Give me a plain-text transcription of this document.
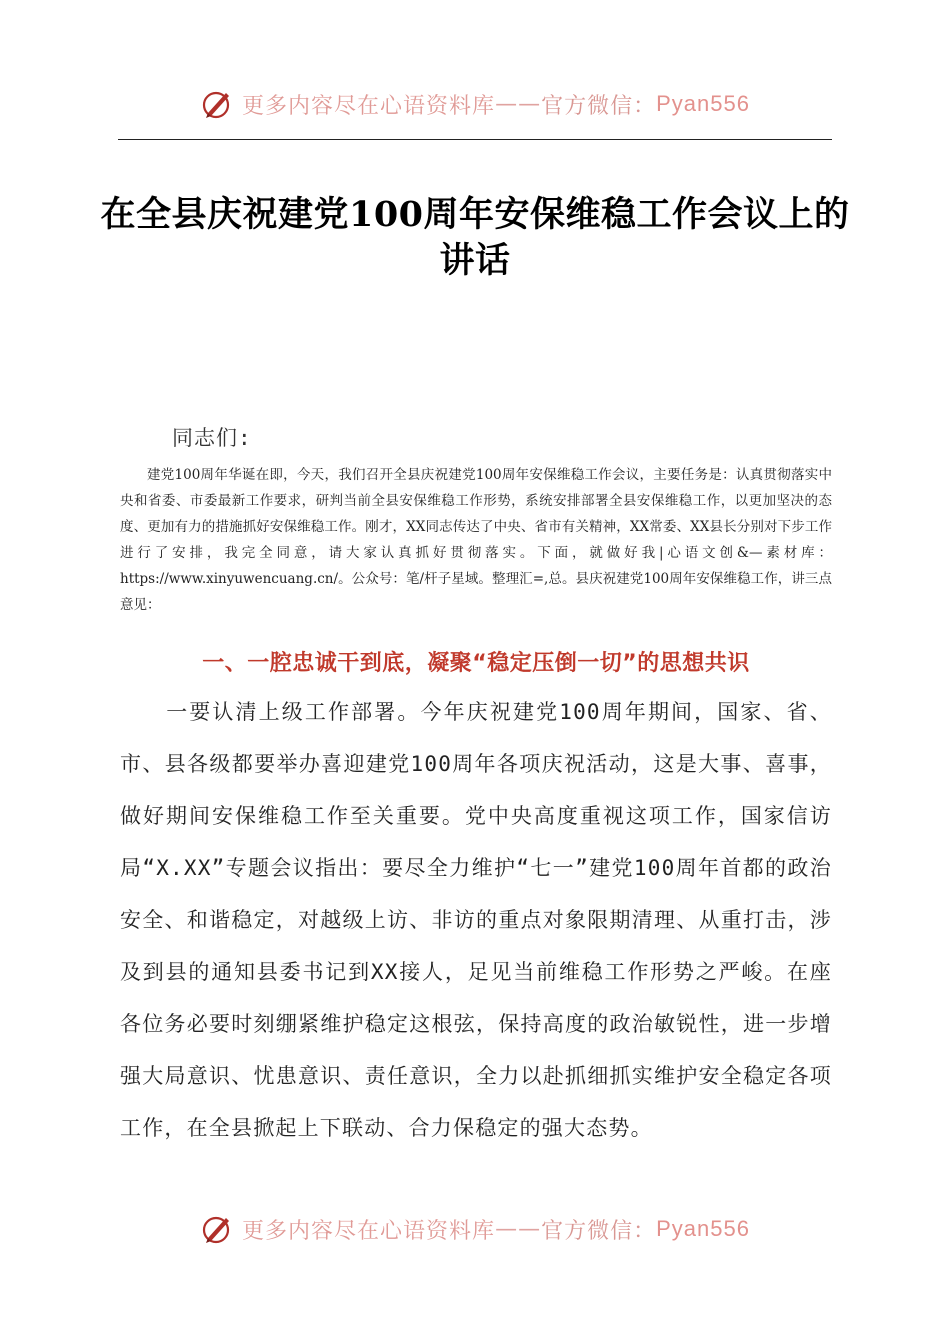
更多内容尽在心语资料库 —— 官方微信： Pyan556
在全县庆祝建党100周年安保维稳工作会议上的讲话
同志们:

建党100周年华诞在即，今天，我们召开全县庆祝建党100周年安保维稳工作会议，主要任务是：认真贯彻落实中央和省委、市委最新工作要求，研判当前全县安保维稳工作形势，系统安排部署全县安保维稳工作，以更加坚决的态度、更加有力的措施抓好安保维稳工作。刚才，XX同志传达了中央、省市有关精神，XX常委、XX县长分别对下步工作进行了安排，我完全同意，请大家认真抓好贯彻落实。下面，就做好我|心语文创&—素材库：https://www.xinyuwencuang.cn/。公众号：笔/杆子星域。整理汇=,总。县庆祝建党100周年安保维稳工作，讲三点意见：

一、一腔忠诚干到底，凝聚“稳定压倒一切”的思想共识

一要认清上级工作部署。今年庆祝建党100周年期间，国家、省、市、县各级都要举办喜迎建党100周年各项庆祝活动，这是大事、喜事，做好期间安保维稳工作至关重要。党中央高度重视这项工作，国家信访局“X.XX”专题会议指出：要尽全力维护“七一”建党100周年首都的政治安全、和谐稳定，对越级上访、非访的重点对象限期清理、从重打击，涉及到县的通知县委书记到XX接人，足见当前维稳工作形势之严峻。在座各位务必要时刻绷紧维护稳定这根弦，保持高度的政治敏锐性，进一步增强大局意识、忧患意识、责任意识，全力以赴抓细抓实维护安全稳定各项工作，在全县掀起上下联动、合力保稳定的强大态势。

更多内容尽在心语资料库 —— 官方微信： Pyan556
